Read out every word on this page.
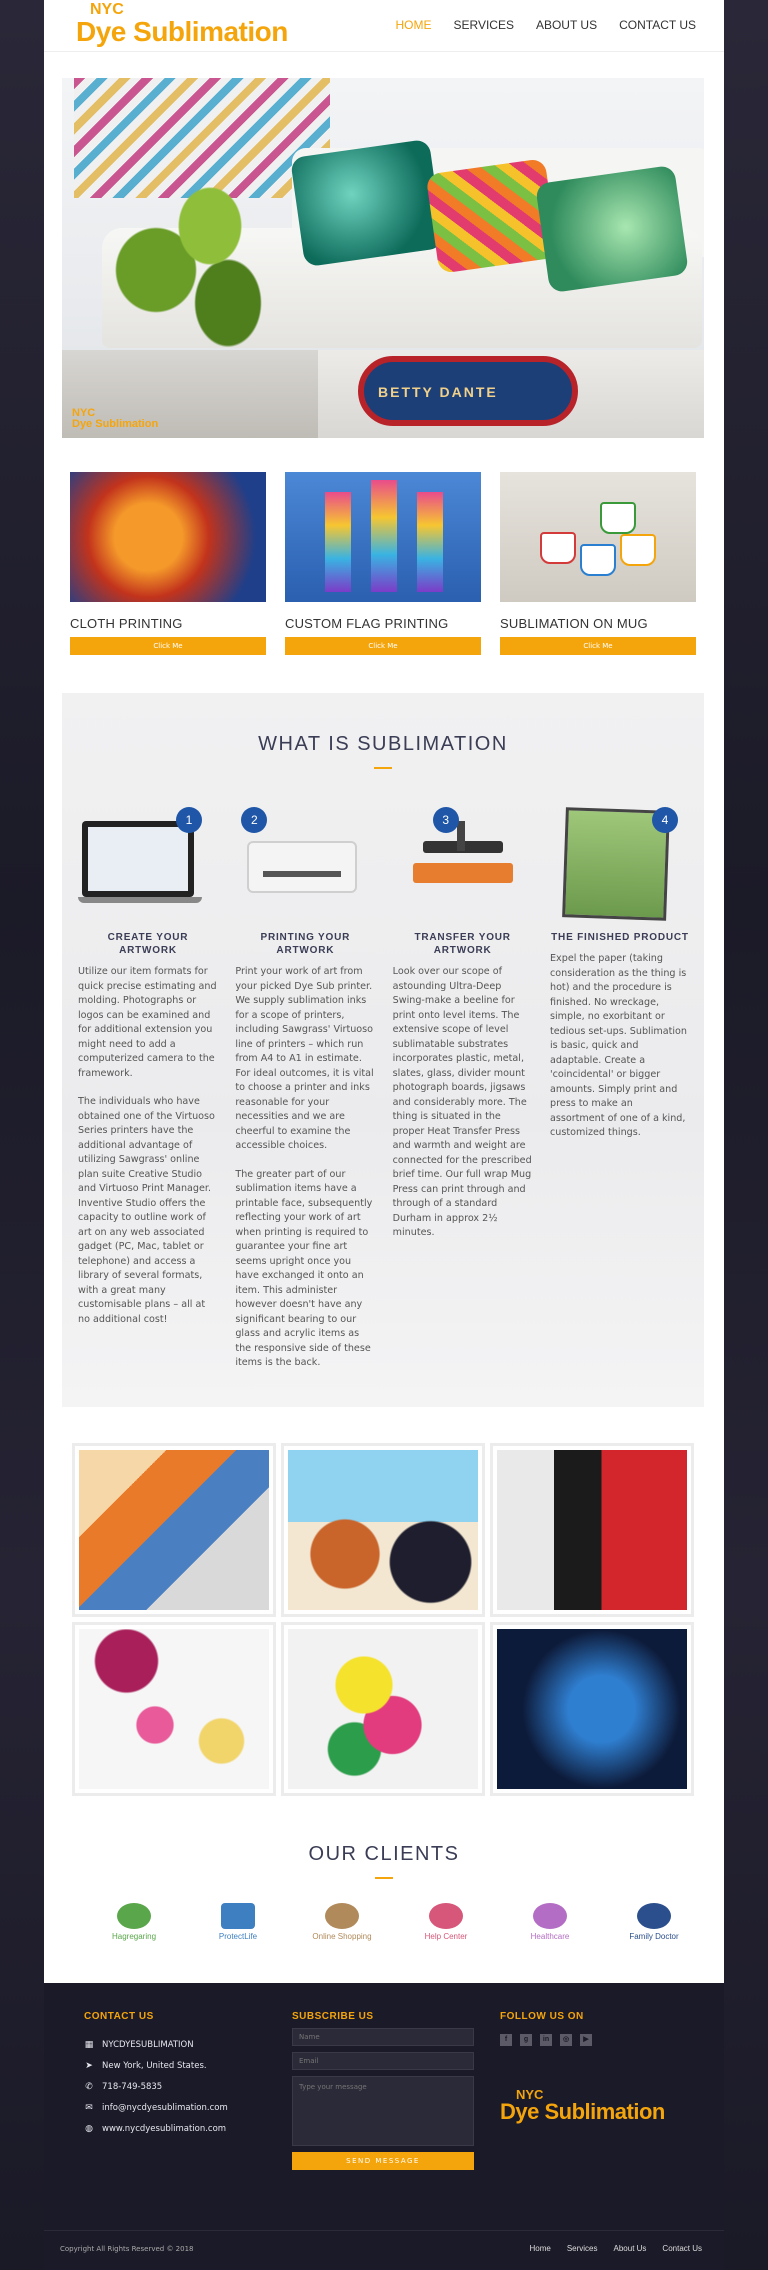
NYC
Dye Sublimation	HOME SERVICES ABOUT US CONTACT US
NYC
Dye Sublimation
BETTY DANTE
CLOTH PRINTING
Click Me
CUSTOM FLAG PRINTING
Click Me
SUBLIMATION ON MUG
Click Me
WHAT IS SUBLIMATION
1
CREATE YOUR ARTWORK

Utilize our item formats for quick precise estimating and molding. Photographs or logos can be examined and for additional extension you might need to add a computerized camera to the framework.

The individuals who have obtained one of the Virtuoso Series printers have the additional advantage of utilizing Sawgrass' online plan suite Creative Studio and Virtuoso Print Manager. Inventive Studio offers the capacity to outline work of art on any web associated gadget (PC, Mac, tablet or telephone) and access a library of several formats, with a great many customisable plans – all at no additional cost!

2
PRINTING YOUR ARTWORK

Print your work of art from your picked Dye Sub printer. We supply sublimation inks for a scope of printers, including Sawgrass' Virtuoso line of printers – which run from A4 to A1 in estimate. For ideal outcomes, it is vital to choose a printer and inks reasonable for your necessities and we are cheerful to examine the accessible choices.

The greater part of our sublimation items have a printable face, subsequently reflecting your work of art when printing is required to guarantee your fine art seems upright once you have exchanged it onto an item. This administer however doesn't have any significant bearing to our glass and acrylic items as the responsive side of these items is the back.

3
TRANSFER YOUR ARTWORK

Look over our scope of astounding Ultra-Deep Swing-make a beeline for print onto level items. The extensive scope of level sublimatable substrates incorporates plastic, metal, slates, glass, divider mount photograph boards, jigsaws and considerably more. The thing is situated in the proper Heat Transfer Press and warmth and weight are connected for the prescribed brief time. Our full wrap Mug Press can print through and through of a standard Durham in approx 2½ minutes.

4
THE FINISHED PRODUCT

Expel the paper (taking consideration as the thing is hot) and the procedure is finished. No wreckage, simple, no exorbitant or tedious set-ups. Sublimation is basic, quick and adaptable. Create a 'coincidental' or bigger amounts. Simply print and press to make an assortment of one of a kind, customized things.

OUR CLIENTS
Hagregaring	ProtectLife	Online Shopping	Help Center	Healthcare	Family Doctor
CONTACT US
▦ NYCDYESUBLIMATION
➤ New York, United States.
✆ 718-749-5835
✉ info@nycdyesublimation.com
◍ www.nycdyesublimation.com
SUBSCRIBE US
Name
Email
Type your message
SEND MESSAGE
FOLLOW US ON
f	g	in	◎	▶
NYC
Dye Sublimation
Copyright All Rights Reserved © 2018	Home Services About Us Contact Us
